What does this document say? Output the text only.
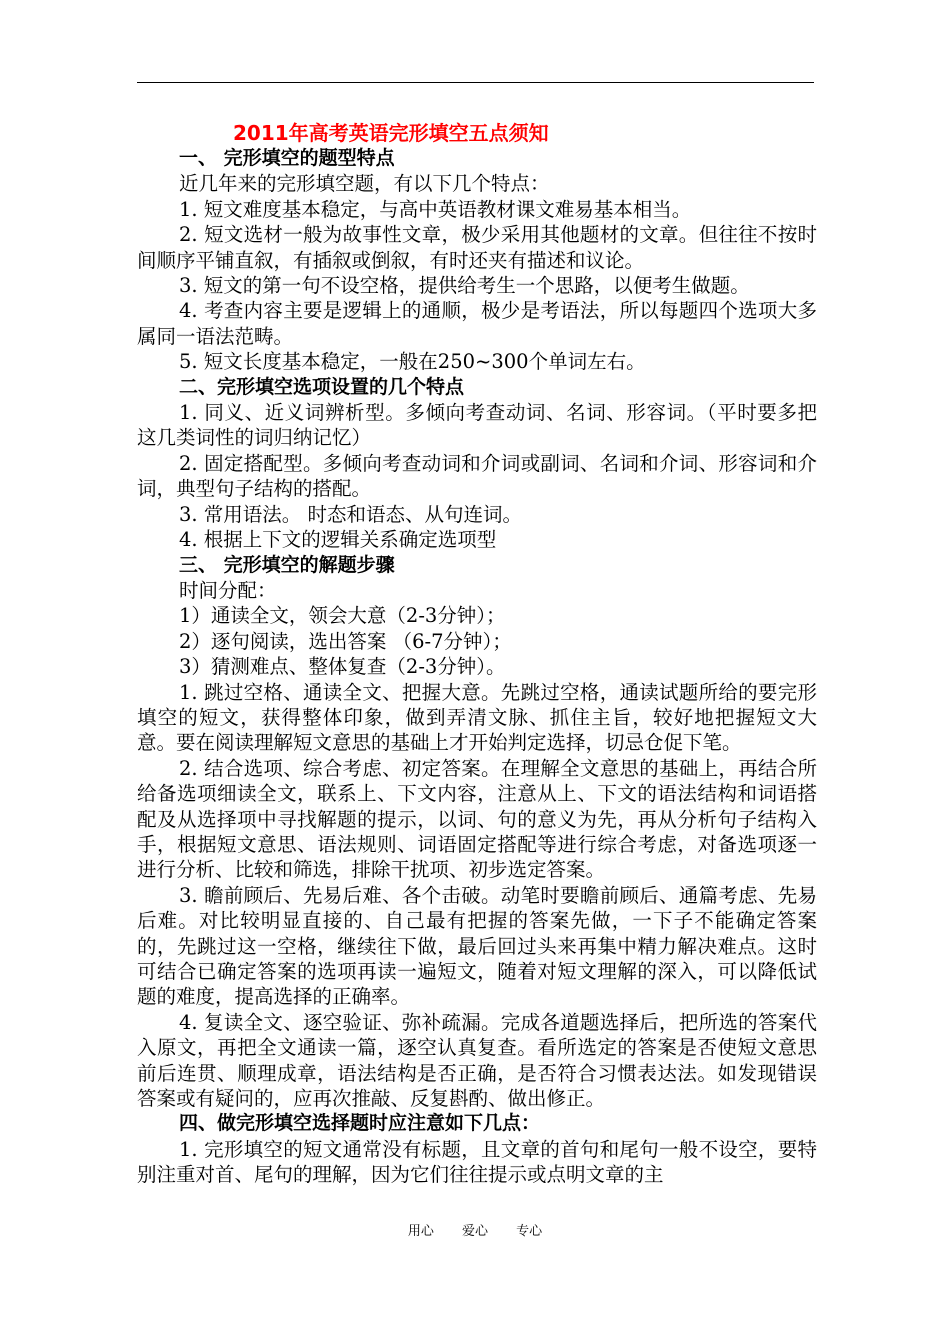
2011年高考英语完形填空五点须知
一、 完形填空的题型特点

近几年来的完形填空题，有以下几个特点：

1. 短文难度基本稳定，与高中英语教材课文难易基本相当。

2. 短文选材一般为故事性文章，极少采用其他题材的文章。但往往不按时间顺序平铺直叙，有插叙或倒叙，有时还夹有描述和议论。

3. 短文的第一句不设空格，提供给考生一个思路，以便考生做题。

4. 考查内容主要是逻辑上的通顺，极少是考语法，所以每题四个选项大多属同一语法范畴。

5. 短文长度基本稳定，一般在250~300个单词左右。

二、完形填空选项设置的几个特点

1. 同义、近义词辨析型。多倾向考查动词、名词、形容词。（平时要多把这几类词性的词归纳记忆）

2. 固定搭配型。多倾向考查动词和介词或副词、名词和介词、形容词和介词，典型句子结构的搭配。

3. 常用语法。 时态和语态、从句连词。

4. 根据上下文的逻辑关系确定选项型

三、 完形填空的解题步骤

时间分配：

1）通读全文，领会大意（2-3分钟）；

2）逐句阅读，选出答案 （6-7分钟）；

3）猜测难点、整体复查（2-3分钟）。

1. 跳过空格、通读全文、把握大意。先跳过空格，通读试题所给的要完形填空的短文，获得整体印象，做到弄清文脉、抓住主旨，较好地把握短文大意。要在阅读理解短文意思的基础上才开始判定选择，切忌仓促下笔。

2. 结合选项、综合考虑、初定答案。在理解全文意思的基础上，再结合所给备选项细读全文，联系上、下文内容，注意从上、下文的语法结构和词语搭配及从选择项中寻找解题的提示，以词、句的意义为先，再从分析句子结构入手，根据短文意思、语法规则、词语固定搭配等进行综合考虑，对备选项逐一进行分析、比较和筛选，排除干扰项、初步选定答案。

3. 瞻前顾后、先易后难、各个击破。动笔时要瞻前顾后、通篇考虑、先易后难。对比较明显直接的、自己最有把握的答案先做，一下子不能确定答案的，先跳过这一空格，继续往下做，最后回过头来再集中精力解决难点。这时可结合已确定答案的选项再读一遍短文，随着对短文理解的深入，可以降低试题的难度，提高选择的正确率。

4. 复读全文、逐空验证、弥补疏漏。完成各道题选择后，把所选的答案代入原文，再把全文通读一篇，逐空认真复查。看所选定的答案是否使短文意思前后连贯、顺理成章，语法结构是否正确，是否符合习惯表达法。如发现错误答案或有疑问的，应再次推敲、反复斟酌、做出修正。

四、做完形填空选择题时应注意如下几点：

1. 完形填空的短文通常没有标题，且文章的首句和尾句一般不设空，要特别注重对首、尾句的理解，因为它们往往提示或点明文章的主

用心 爱心 专心
